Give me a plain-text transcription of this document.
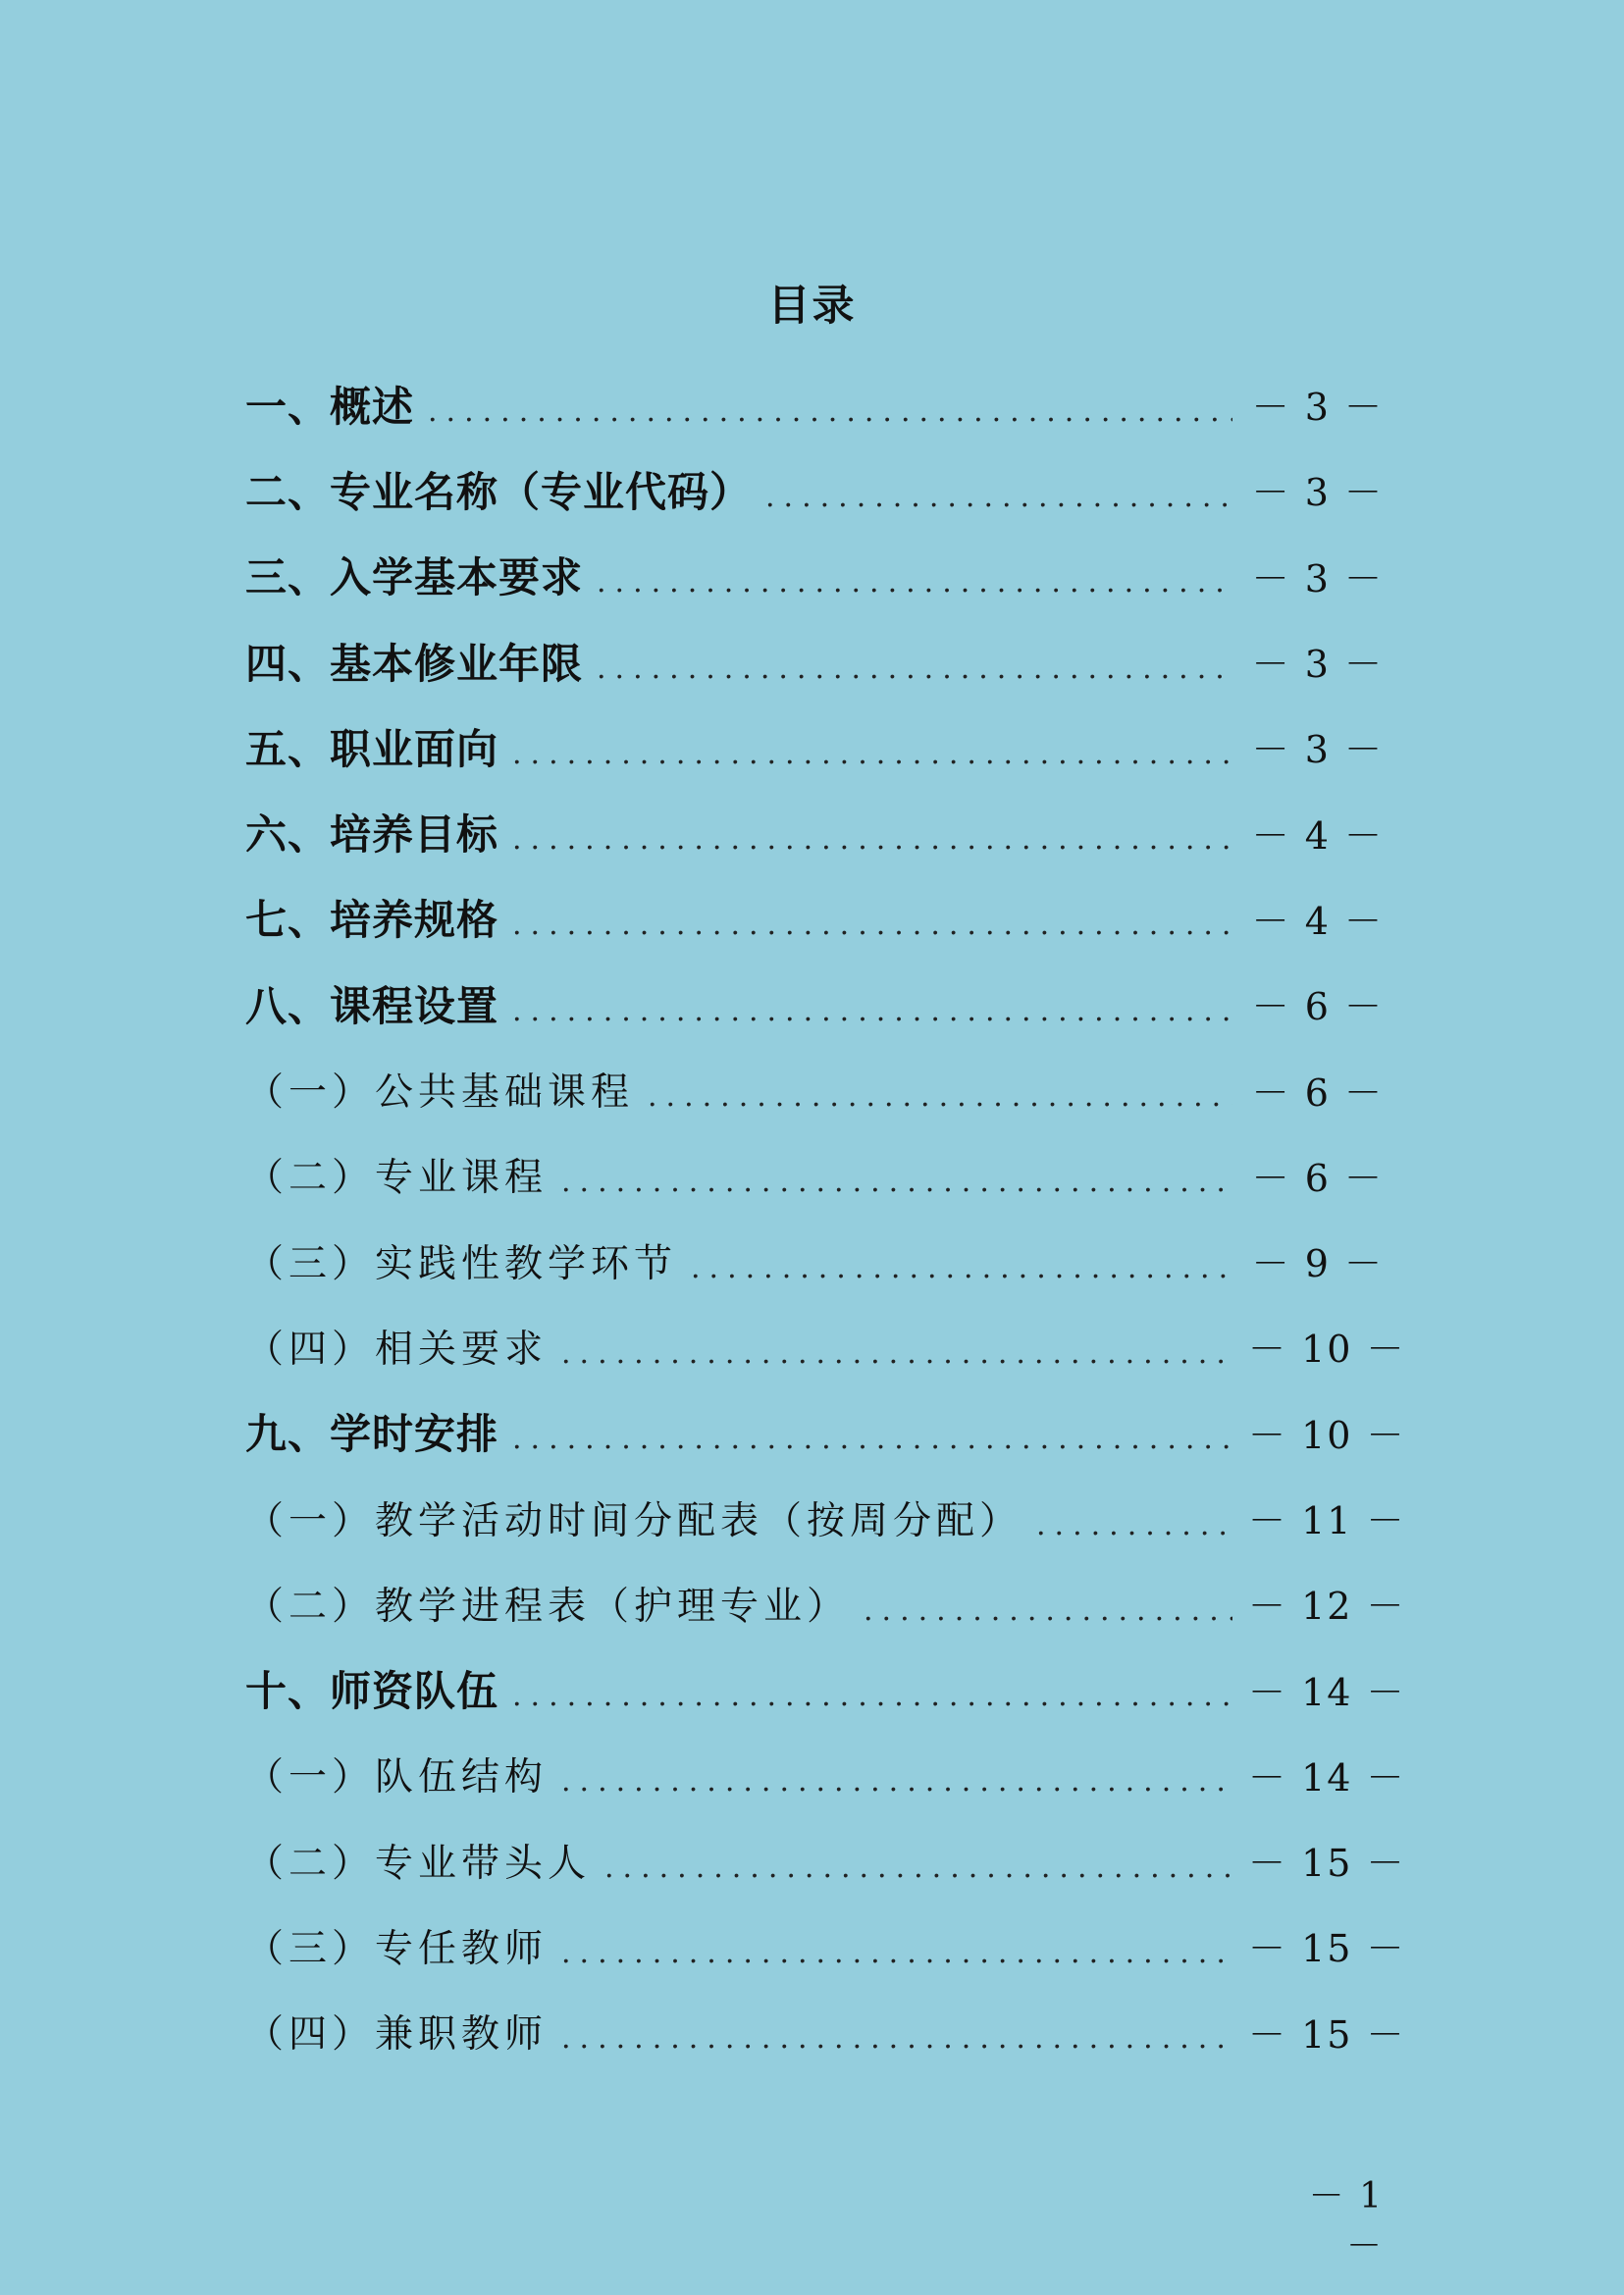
目录
一、概述 .....	－ 3 －
二、专业名称（专业代码） .....	－ 3 －
三、入学基本要求 .....	－ 3 －
四、基本修业年限 .....	－ 3 －
五、职业面向 .....	－ 3 －
六、培养目标 .....	－ 4 －
七、培养规格 .....	－ 4 －
八、课程设置 .....	－ 6 －
（一）公共基础课程 .....	－ 6 －
（二）专业课程 .....	－ 6 －
（三）实践性教学环节 .....	－ 9 －
（四）相关要求 .....	－ 10 －
九、学时安排 .....	－ 10 －
（一）教学活动时间分配表（按周分配） .....	－ 11 －
（二）教学进程表（护理专业） .....	－ 12 －
十、师资队伍 .....	－ 14 －
（一）队伍结构 .....	－ 14 －
（二）专业带头人 .....	－ 15 －
（三）专任教师 .....	－ 15 －
（四）兼职教师 .....	－ 15 －
－ 1 －
